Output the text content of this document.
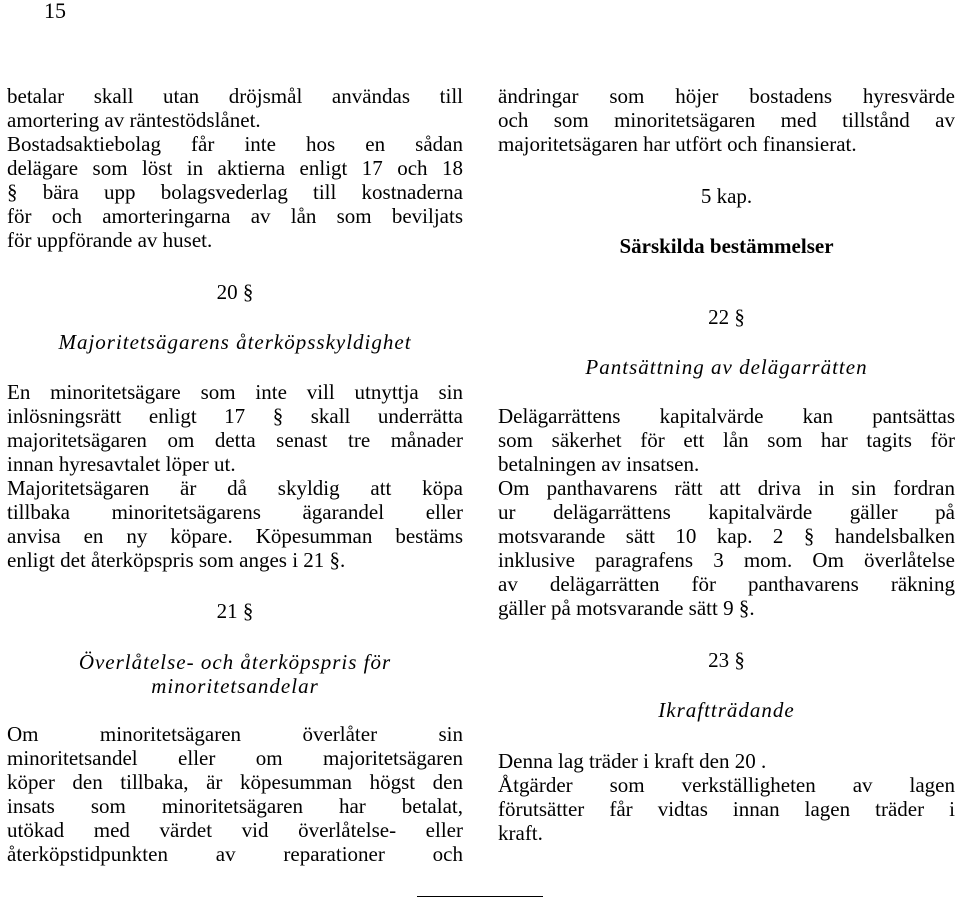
15

betalar skall utan dröjsmål användas till

amortering av räntestödslånet.

Bostadsaktiebolag får inte hos en sådan

delägare som löst in aktierna enligt 17 och 18

§ bära upp bolagsvederlag till kostnaderna

för och amorteringarna av lån som beviljats

för uppförande av huset.

20 §

Majoritetsägarens återköpsskyldighet

En minoritetsägare som inte vill utnyttja sin

inlösningsrätt enligt 17 § skall underrätta

majoritetsägaren om detta senast tre månader

innan hyresavtalet löper ut.

Majoritetsägaren är då skyldig att köpa

tillbaka minoritetsägarens ägarandel eller

anvisa en ny köpare. Köpesumman bestäms

enligt det återköpspris som anges i 21 §.

21 §

Överlåtelse- och återköpspris för

minoritetsandelar

Om minoritetsägaren överlåter sin

minoritetsandel eller om majoritetsägaren

köper den tillbaka, är köpesumman högst den

insats som minoritetsägaren har betalat,

utökad med värdet vid överlåtelse- eller

återköpstidpunkten av reparationer och

ändringar som höjer bostadens hyresvärde

och som minoritetsägaren med tillstånd av

majoritetsägaren har utfört och finansierat.

5 kap.

Särskilda bestämmelser

22 §

Pantsättning av delägarrätten

Delägarrättens kapitalvärde kan pantsättas

som säkerhet för ett lån som har tagits för

betalningen av insatsen.

Om panthavarens rätt att driva in sin fordran

ur delägarrättens kapitalvärde gäller på

motsvarande sätt 10 kap. 2 § handelsbalken

inklusive paragrafens 3 mom. Om överlåtelse

av delägarrätten för panthavarens räkning

gäller på motsvarande sätt 9 §.

23 §

Ikraftträdande

Denna lag träder i kraft den 20 .

Åtgärder som verkställigheten av lagen

förutsätter får vidtas innan lagen träder i

kraft.
